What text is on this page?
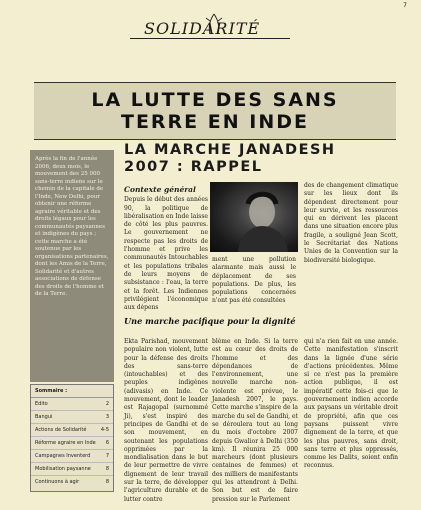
7
SOLIDARITÉ
LA LUTTE DES SANS
TERRE EN INDE
Après la fin de l'année 2006, deux mois, le mouvement des 25 000 sans-terre indiens sur le chemin de la capitale de l'Inde, New Delhi, pour obtenir une réforme agraire véritable et des droits légaux pour les communautés paysannes et indigènes du pays ; cette marche a été soutenue par les organisations partenaires, dont les Amis de la Terre, Solidarité et d'autres associations de défense des droits de l'homme et de la Terre.
Sommaire :
Edito	2
Bangui	3
Actions de Solidarité	4-5
Réforme agraire en Inde 6
Campagnes Inventerd	7
Mobilisation paysanne	8
Continuons à agir	8
LA MARCHE JANADESH
2007 : RAPPEL
Contexte général
Depuis le début des années 90, la politique de libéralisation en Inde laisse de côté les plus pauvres. Le gouvernement ne respecte pas les droits de l'homme et prive les communautés Intouchables et les populations tribales de leurs moyens de subsistance : l'eau, la terre et la forêt. Les Indiennes privilégient l'économique aux dépens
ment une pollution alarmante mais aussi le déplacement de ses populations. De plus, les populations concernées n'ont pas été consultées
des de changement climatique sur les lieux dont ils dépendent directement pour leur survie, et les ressources qui en dérivent les placent dans une situation encore plus fragile, a souligné Jean Scott, le Secrétariat des Nations Unies de la Convention sur la biodiversité biologique.
Une marche pacifique pour la dignité
Ekta Parishad, mouvement populaire non violent, lutte pour la défense des droits des sans-terre (intouchables) et des peuples indigènes (adivasis) en Inde. Ce mouvement, dont le leader est Rajagopal (surnommé Ji), s'est inspiré des principes de Gandhi et de son mouvement, en soutenant les populations opprimées par la mondialisation dans le but de leur permettre de vivre dignement de leur travail sur la terre, de développer l'agriculture durable et de lutter contre
blème en Inde. Si la terre est au cœur des droits de l'homme et des dépendances de l'environnement, une nouvelle marche non-violente est prévue, le Janadesh 2007, le pays. Cette marche s'inspire de la marche du sel de Gandhi, et se déroulera tout au long du mois d'octobre 2007 depuis Gwalior à Delhi (350 km). Il réunira 25 000 marcheurs (dont plusieurs centaines de femmes) et des milliers de manifestants qui les attendront à Delhi. Son but est de faire pression sur le Parlement
qui n'a rien fait en une année. Cette manifestation s'inscrit dans la lignée d'une série d'actions précédentes. Même si ce n'est pas la première action publique, il est impératif cette fois-ci que le gouvernement indien accorde aux paysans un véritable droit de propriété, afin que ces paysans puissent vivre dignement de la terre, et que les plus pauvres, sans droit, sans terre et plus oppressés, comme les Dalits, soient enfin reconnus.
